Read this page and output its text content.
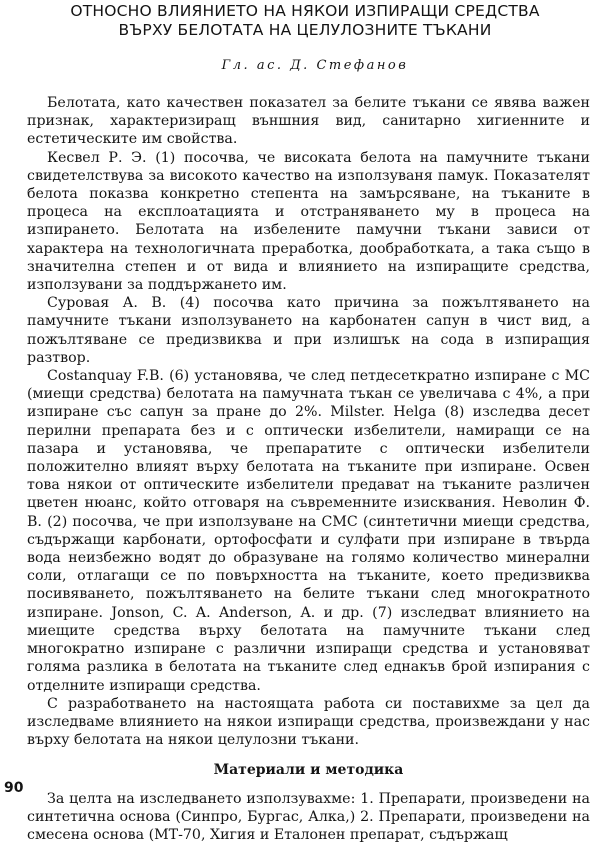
ОТНОСНО ВЛИЯНИЕТО НА НЯКОИ ИЗПИРАЩИ СРЕДСТВА
ВЪРХУ БЕЛОТАТА НА ЦЕЛУЛОЗНИТЕ ТЪКАНИ
Гл. ас. Д. Стефанов

Белотата, като качествен показател за белите тъкани се явява важен признак, характеризиращ външния вид, санитарно хигиенните и естетическите им свойства.

Кесвел Р. Э. (1) посочва, че високата белота на памучните тъкани свидетелствува за високото качество на използуваня памук. Показателят белота показва конкретно степента на замърсяване, на тъканите в процеса на експлоатацията и отстраняването му в процеса на изпирането. Белотата на избелените памучни тъкани зависи от характера на технологичната преработка, дообработката, а така също в значителна степен и от вида и влиянието на изпиращите средства, използувани за поддържането им.

Суровая А. В. (4) посочва като причина за пожълтяването на памучните тъкани използуването на карбонатен сапун в чист вид, а пожълтяване се предизвиква и при излишък на сода в изпиращия разтвор.

Costanquay F.B. (6) установява, че след петдесеткратно изпиране с МС (миещи средства) белотата на памучната тъкан се увеличава с 4%, а при изпиране със сапун за пране до 2%. Milster. Helga (8) изследва десет перилни препарата без и с оптически избелители, намиращи се на пазара и установява, че препаратите с оптически избелители положително влияят върху белотата на тъканите при изпиране. Освен това някои от оптическите избелители предават на тъканите различен цветен нюанс, който отговаря на съвременните изисквания. Неволин Ф. В. (2) посочва, че при използуване на СМС (синтетични миещи средства, съдържащи карбонати, ортофосфати и сулфати при изпиране в твърда вода неизбежно водят до образуване на голямо количество минерални соли, отлагащи се по повърхността на тъканите, което предизвиква посивяването, пожълтяването на белите тъкани след многократното изпиране. Jonson, C. A. Anderson, A. и др. (7) изследват влиянието на миещите средства върху белотата на памучните тъкани след многократно изпиране с различни изпиращи средства и установяват голяма разлика в белотата на тъканите след еднакъв брой изпирания с отделните изпиращи средства.

С разработването на настоящата работа си поставихме за цел да изследваме влиянието на някои изпиращи средства, произвеждани у нас върху белотата на някои целулозни тъкани.

Материали и методика

За целта на изследването използувахме: 1. Препарати, произведени на синтетична основа (Синпро, Бургас, Алка,) 2. Препарати, произведени на смесена основа (МТ-70, Хигия и Еталонен препарат, съдържащ

90
